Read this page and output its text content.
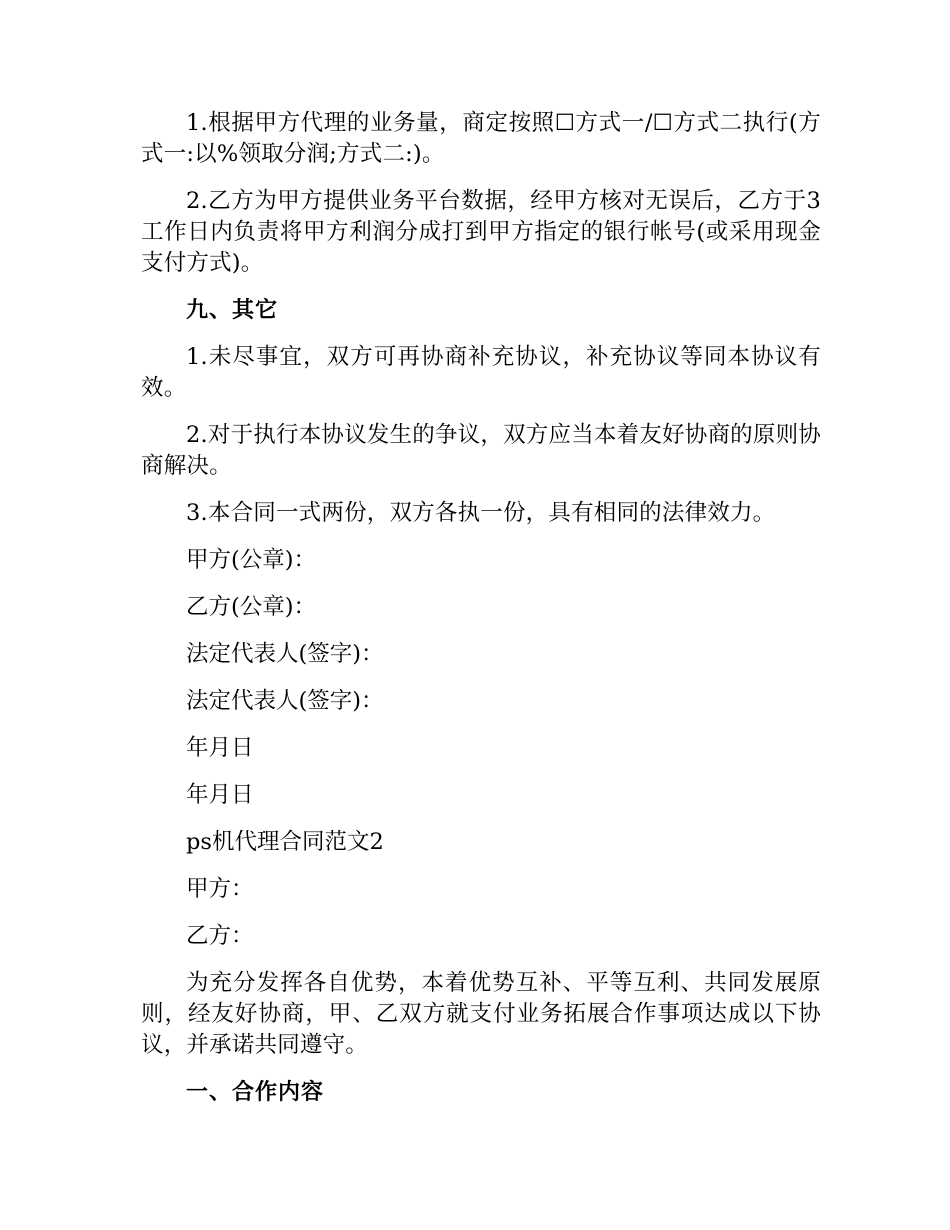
1.根据甲方代理的业务量，商定按照☐方式一/☐方式二执行(方式一:以%领取分润;方式二:)。

2.乙方为甲方提供业务平台数据，经甲方核对无误后，乙方于3工作日内负责将甲方利润分成打到甲方指定的银行帐号(或采用现金支付方式)。

九、其它

1.未尽事宜，双方可再协商补充协议，补充协议等同本协议有效。

2.对于执行本协议发生的争议，双方应当本着友好协商的原则协商解决。

3.本合同一式两份，双方各执一份，具有相同的法律效力。

甲方(公章)：

乙方(公章)：

法定代表人(签字)：

法定代表人(签字)：

年月日

年月日

ps机代理合同范文2

甲方：

乙方：

为充分发挥各自优势，本着优势互补、平等互利、共同发展原则，经友好协商，甲、乙双方就支付业务拓展合作事项达成以下协议，并承诺共同遵守。

一、合作内容
